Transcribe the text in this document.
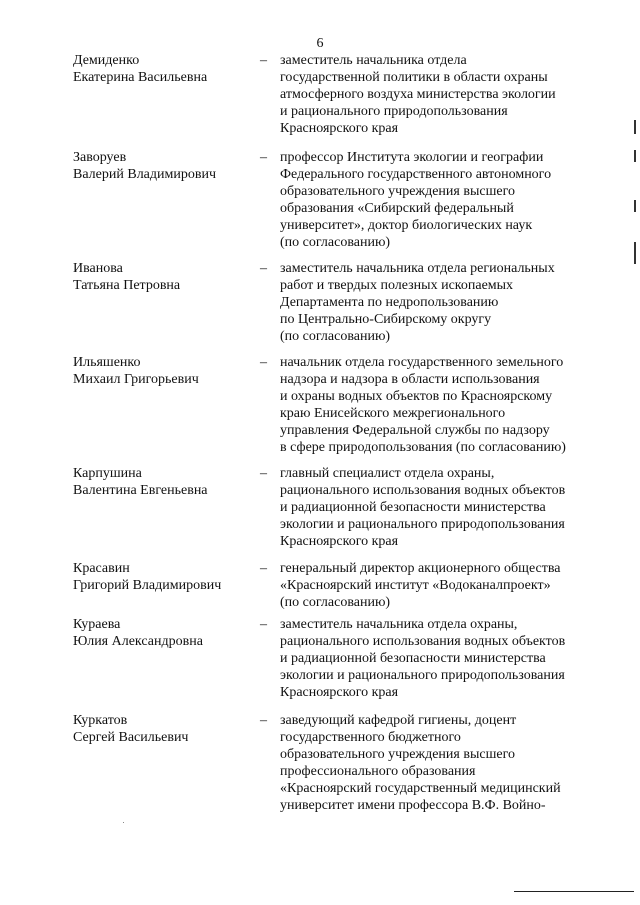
6
Демиденко
Екатерина Васильевна
– заместитель начальника отдела
государственной политики в области охраны
атмосферного воздуха министерства экологии
и рационального природопользования
Красноярского края
Заворуев
Валерий Владимирович
– профессор Института экологии и географии
Федерального государственного автономного
образовательного учреждения высшего
образования «Сибирский федеральный
университет», доктор биологических наук
(по согласованию)
Иванова
Татьяна Петровна
– заместитель начальника отдела региональных
работ и твердых полезных ископаемых
Департамента по недропользованию
по Центрально-Сибирскому округу
(по согласованию)
Ильяшенко
Михаил Григорьевич
– начальник отдела государственного земельного
надзора и надзора в области использования
и охраны водных объектов по Красноярскому
краю Енисейского межрегионального
управления Федеральной службы по надзору
в сфере природопользования (по согласованию)
Карпушина
Валентина Евгеньевна
– главный специалист отдела охраны,
рационального использования водных объектов
и радиационной безопасности министерства
экологии и рационального природопользования
Красноярского края
Красавин
Григорий Владимирович
– генеральный директор акционерного общества
«Красноярский институт «Водоканалпроект»
(по согласованию)
Кураева
Юлия Александровна
– заместитель начальника отдела охраны,
рационального использования водных объектов
и радиационной безопасности министерства
экологии и рационального природопользования
Красноярского края
Куркатов
Сергей Васильевич
– заведующий кафедрой гигиены, доцент
государственного бюджетного
образовательного учреждения высшего
профессионального образования
«Красноярский государственный медицинский
университет имени профессора В.Ф. Войно-
